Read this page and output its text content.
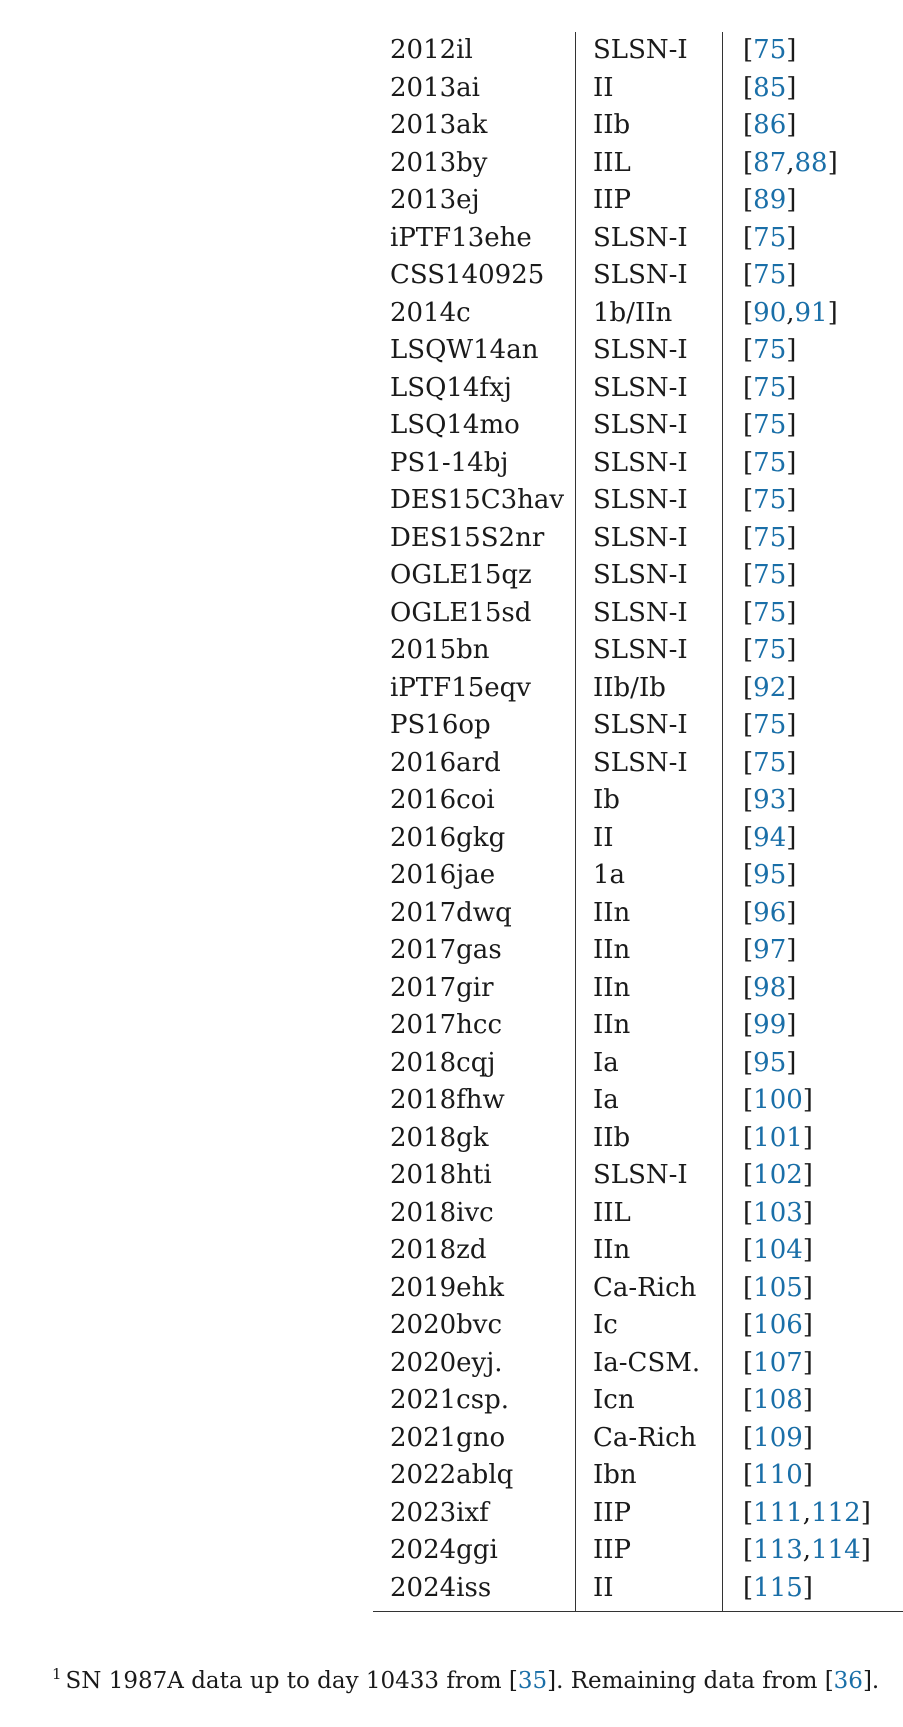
2012il	SLSN-I	[75]
2013ai	II	[85]
2013ak	IIb	[86]
2013by	IIL	[87,88]
2013ej	IIP	[89]
iPTF13ehe	SLSN-I	[75]
CSS140925	SLSN-I	[75]
2014c	1b/IIn	[90,91]
LSQW14an	SLSN-I	[75]
LSQ14fxj	SLSN-I	[75]
LSQ14mo	SLSN-I	[75]
PS1-14bj	SLSN-I	[75]
DES15C3hav	SLSN-I	[75]
DES15S2nr	SLSN-I	[75]
OGLE15qz	SLSN-I	[75]
OGLE15sd	SLSN-I	[75]
2015bn	SLSN-I	[75]
iPTF15eqv	IIb/Ib	[92]
PS16op	SLSN-I	[75]
2016ard	SLSN-I	[75]
2016coi	Ib	[93]
2016gkg	II	[94]
2016jae	1a	[95]
2017dwq	IIn	[96]
2017gas	IIn	[97]
2017gir	IIn	[98]
2017hcc	IIn	[99]
2018cqj	Ia	[95]
2018fhw	Ia	[100]
2018gk	IIb	[101]
2018hti	SLSN-I	[102]
2018ivc	IIL	[103]
2018zd	IIn	[104]
2019ehk	Ca-Rich	[105]
2020bvc	Ic	[106]
2020eyj.	Ia-CSM.	[107]
2021csp.	Icn	[108]
2021gno	Ca-Rich	[109]
2022ablq	Ibn	[110]
2023ixf	IIP	[111,112]
2024ggi	IIP	[113,114]
2024iss	II	[115]
$^1$ SN 1987A data up to day 10433 from [35]. Remaining data from [36].
